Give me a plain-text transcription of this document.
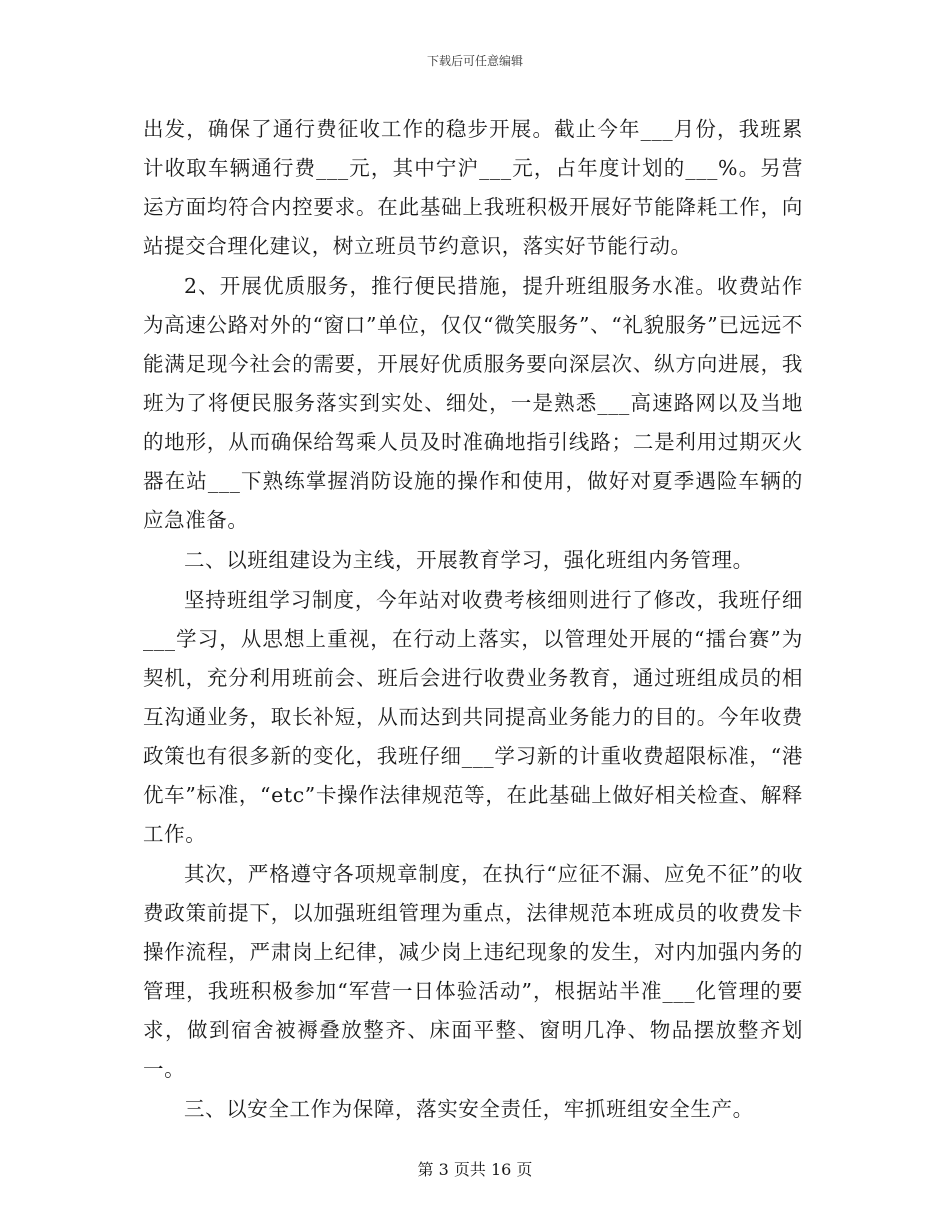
下载后可任意编辑

出发，确保了通行费征收工作的稳步开展。截止今年___月份，我班累计收取车辆通行费___元，其中宁沪___元，占年度计划的___%。另营运方面均符合内控要求。在此基础上我班积极开展好节能降耗工作，向站提交合理化建议，树立班员节约意识，落实好节能行动。

2、开展优质服务，推行便民措施，提升班组服务水准。收费站作为高速公路对外的“窗口”单位，仅仅“微笑服务”、“礼貌服务”已远远不能满足现今社会的需要，开展好优质服务要向深层次、纵方向进展，我班为了将便民服务落实到实处、细处，一是熟悉___高速路网以及当地的地形，从而确保给驾乘人员及时准确地指引线路；二是利用过期灭火器在站___下熟练掌握消防设施的操作和使用，做好对夏季遇险车辆的应急准备。

二、以班组建设为主线，开展教育学习，强化班组内务管理。

坚持班组学习制度，今年站对收费考核细则进行了修改，我班仔细___学习，从思想上重视，在行动上落实，以管理处开展的“擂台赛”为契机，充分利用班前会、班后会进行收费业务教育，通过班组成员的相互沟通业务，取长补短，从而达到共同提高业务能力的目的。今年收费政策也有很多新的变化，我班仔细___学习新的计重收费超限标准，“港优车”标准，“etc”卡操作法律规范等，在此基础上做好相关检查、解释工作。

其次，严格遵守各项规章制度，在执行“应征不漏、应免不征”的收费政策前提下，以加强班组管理为重点，法律规范本班成员的收费发卡操作流程，严肃岗上纪律，减少岗上违纪现象的发生，对内加强内务的管理，我班积极参加“军营一日体验活动”，根据站半准___化管理的要求，做到宿舍被褥叠放整齐、床面平整、窗明几净、物品摆放整齐划一。

三、以安全工作为保障，落实安全责任，牢抓班组安全生产。

第 3 页共 16 页
